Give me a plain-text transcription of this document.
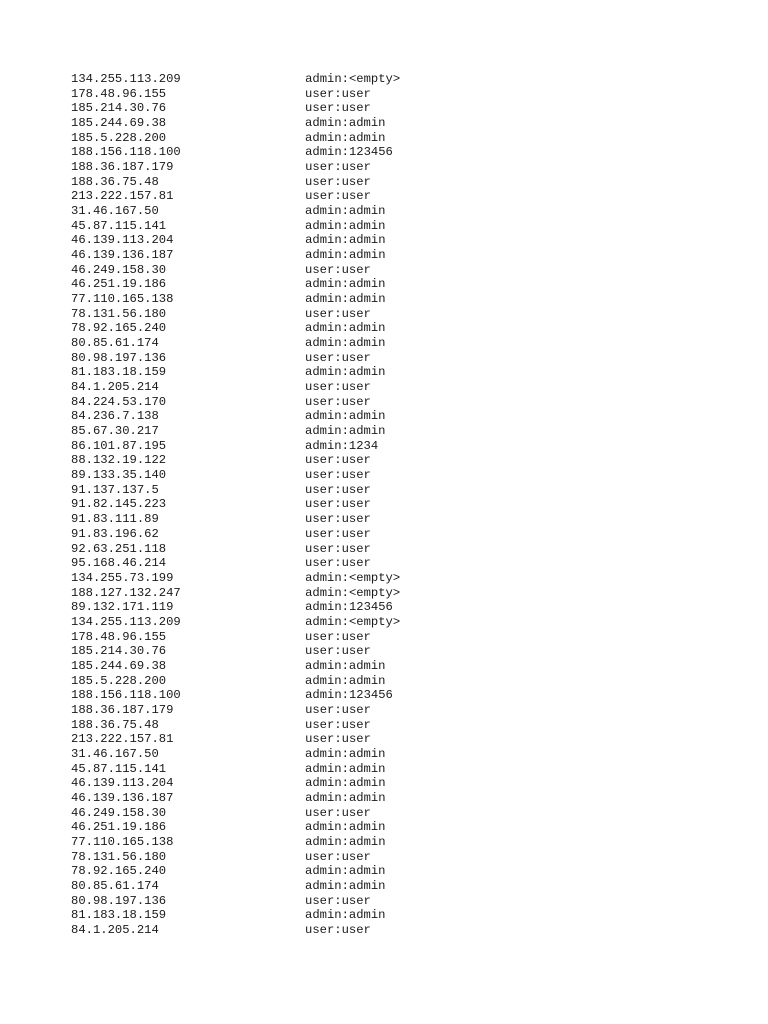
134.255.113.209	admin:<empty>
178.48.96.155	user:user
185.214.30.76	user:user
185.244.69.38	admin:admin
185.5.228.200	admin:admin
188.156.118.100	admin:123456
188.36.187.179	user:user
188.36.75.48	user:user
213.222.157.81	user:user
31.46.167.50	admin:admin
45.87.115.141	admin:admin
46.139.113.204	admin:admin
46.139.136.187	admin:admin
46.249.158.30	user:user
46.251.19.186	admin:admin
77.110.165.138	admin:admin
78.131.56.180	user:user
78.92.165.240	admin:admin
80.85.61.174	admin:admin
80.98.197.136	user:user
81.183.18.159	admin:admin
84.1.205.214	user:user
84.224.53.170	user:user
84.236.7.138	admin:admin
85.67.30.217	admin:admin
86.101.87.195	admin:1234
88.132.19.122	user:user
89.133.35.140	user:user
91.137.137.5	user:user
91.82.145.223	user:user
91.83.111.89	user:user
91.83.196.62	user:user
92.63.251.118	user:user
95.168.46.214	user:user
134.255.73.199	admin:<empty>
188.127.132.247	admin:<empty>
89.132.171.119	admin:123456
134.255.113.209	admin:<empty>
178.48.96.155	user:user
185.214.30.76	user:user
185.244.69.38	admin:admin
185.5.228.200	admin:admin
188.156.118.100	admin:123456
188.36.187.179	user:user
188.36.75.48	user:user
213.222.157.81	user:user
31.46.167.50	admin:admin
45.87.115.141	admin:admin
46.139.113.204	admin:admin
46.139.136.187	admin:admin
46.249.158.30	user:user
46.251.19.186	admin:admin
77.110.165.138	admin:admin
78.131.56.180	user:user
78.92.165.240	admin:admin
80.85.61.174	admin:admin
80.98.197.136	user:user
81.183.18.159	admin:admin
84.1.205.214	user:user
